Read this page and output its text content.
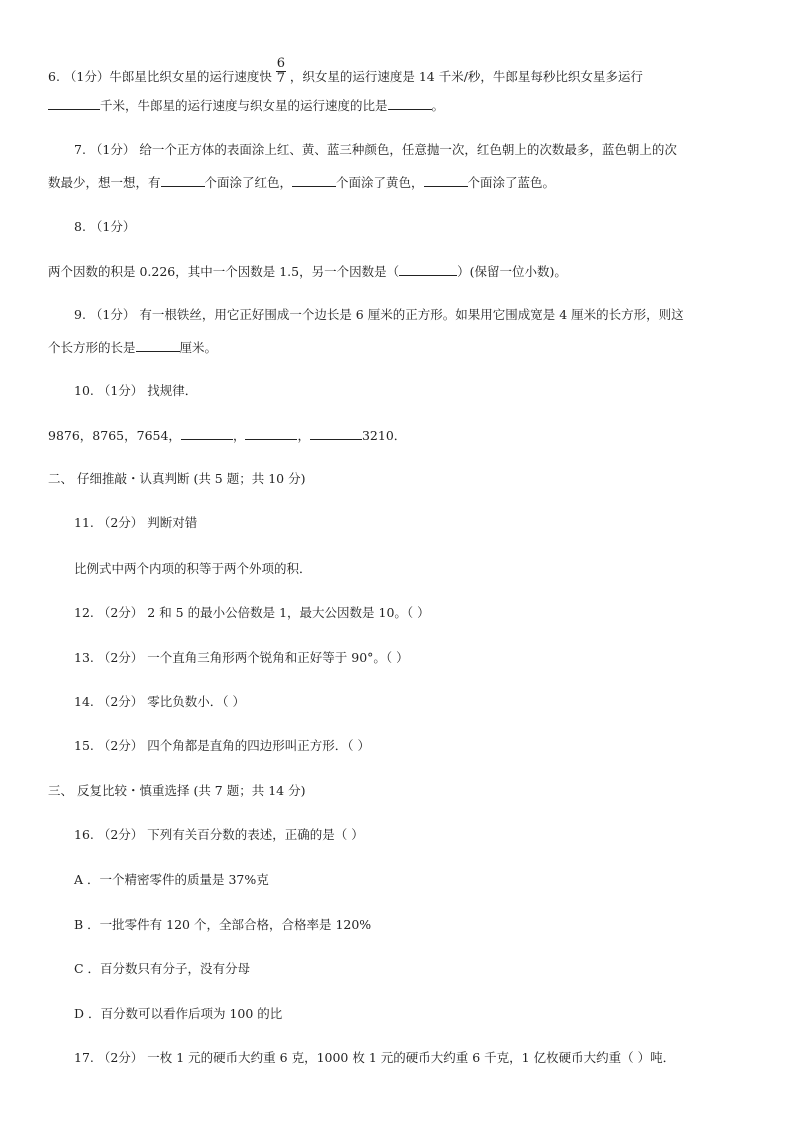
6. （1分）牛郎星比织女星的运行速度快 $\frac{6}{7}$ ，织女星的运行速度是 14 千米/秒，牛郎星每秒比织女星多运行
千米，牛郎星的运行速度与织女星的运行速度的比是	。
7. （1分） 给一个正方体的表面涂上红、黄、蓝三种颜色，任意抛一次，红色朝上的次数最多，蓝色朝上的次
数最少，想一想，有	个面涂了红色，	个面涂了黄色，	个面涂了蓝色。
8. （1分）
两个因数的积是 0.226，其中一个因数是 1.5，另一个因数是（	）(保留一位小数)。
9. （1分） 有一根铁丝，用它正好围成一个边长是 6 厘米的正方形。如果用它围成宽是 4 厘米的长方形，则这
个长方形的长是	厘米。
10. （1分） 找规律．
9876，8765，7654，	，	，	3210．
二、 仔细推敲・认真判断 (共 5 题；共 10 分)
11. （2分） 判断对错
比例式中两个内项的积等于两个外项的积．
12. （2分） 2 和 5 的最小公倍数是 1，最大公因数是 10。（ ）
13. （2分） 一个直角三角形两个锐角和正好等于 90°。（ ）
14. （2分） 零比负数小．（ ）
15. （2分） 四个角都是直角的四边形叫正方形．（ ）
三、 反复比较・慎重选择 (共 7 题；共 14 分)
16. （2分） 下列有关百分数的表述，正确的是（ ）
A ．一个精密零件的质量是 37%克
B ．一批零件有 120 个，全部合格，合格率是 120%
C ．百分数只有分子，没有分母
D ．百分数可以看作后项为 100 的比
17. （2分） 一枚 1 元的硬币大约重 6 克，1000 枚 1 元的硬币大约重 6 千克，1 亿枚硬币大约重（ ）吨．
